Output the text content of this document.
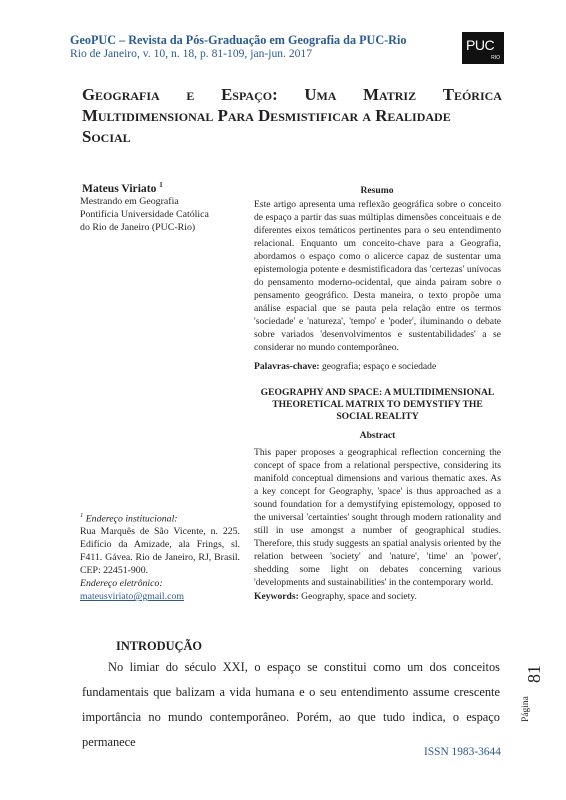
GeoPUC – Revista da Pós-Graduação em Geografia da PUC-Rio
Rio de Janeiro, v. 10, n. 18, p. 81-109, jan-jun. 2017
PUC
RIO
Geografia e Espaço: Uma Matriz Teórica
Multidimensional Para Desmistificar a Realidade
Social
Mateus Viriato $^1$
Mestrando em Geografia
Pontifícia Universidade Católica
do Rio de Janeiro (PUC-Rio)
Resumo
Este artigo apresenta uma reflexão geográfica sobre o conceito de espaço a partir das suas múltiplas dimensões conceituais e de diferentes eixos temáticos pertinentes para o seu entendimento relacional. Enquanto um conceito-chave para a Geografia, abordamos o espaço como o alicerce capaz de sustentar uma epistemologia potente e desmistificadora das 'certezas' unívocas do pensamento moderno-ocidental, que ainda pairam sobre o pensamento geográfico. Desta maneira, o texto propõe uma análise espacial que se pauta pela relação entre os termos 'sociedade' e 'natureza', 'tempo' e 'poder', iluminando o debate sobre variados 'desenvolvimentos e sustentabilidades' a se considerar no mundo contemporâneo.
Palavras-chave: geografia; espaço e sociedade
GEOGRAPHY AND SPACE: A MULTIDIMENSIONAL THEORETICAL MATRIX TO DEMYSTIFY THE SOCIAL REALITY
Abstract
This paper proposes a geographical reflection concerning the concept of space from a relational perspective, considering its manifold conceptual dimensions and various thematic axes. As a key concept for Geography, 'space' is thus approached as a sound foundation for a demystifying epistemology, opposed to the universal 'certainties' sought through modern rationality and still in use amongst a number of geographical studies. Therefore, this study suggests an spatial analysis oriented by the relation between 'society' and 'nature', 'time' an 'power', shedding some light on debates concerning various 'developments and sustainabilities' in the contemporary world.
Keywords: Geography, space and society.
$^1$ Endereço institucional:
Rua Marquês de São Vicente, n. 225. Edifício da Amizade, ala Frings, sl. F411. Gávea. Rio de Janeiro, RJ, Brasil. CEP: 22451-900.
Endereço eletrônico:
mateusviriato@gmail.com
INTRODUÇÃO

No limiar do século XXI, o espaço se constitui como um dos conceitos fundamentais que balizam a vida humana e o seu entendimento assume crescente importância no mundo contemporâneo. Porém, ao que tudo indica, o espaço permanece

81
Página
ISSN 1983-3644
